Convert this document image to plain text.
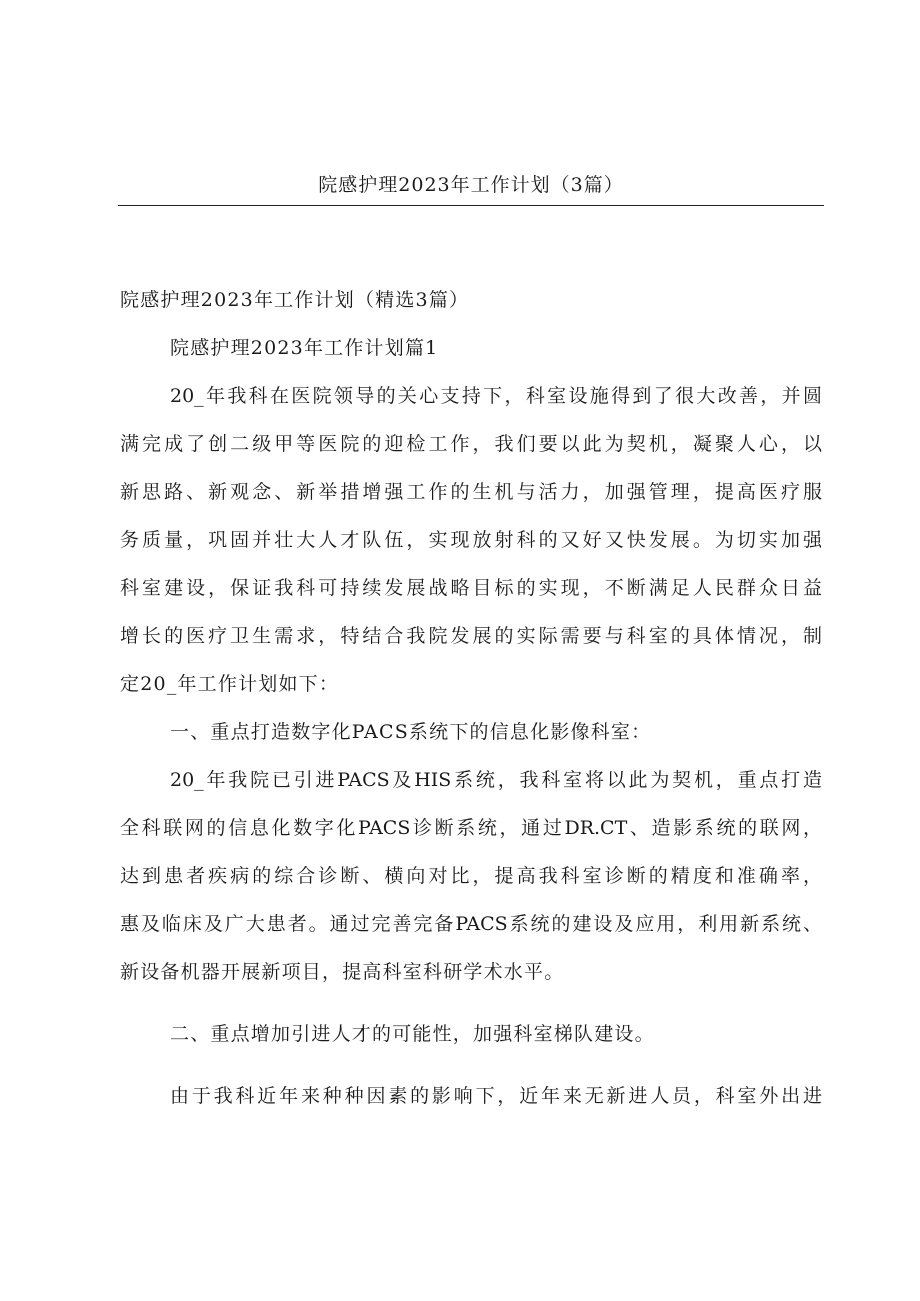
院感护理2023年工作计划（3篇）
院感护理2023年工作计划（精选3篇）
院感护理2023年工作计划篇1
20_年我科在医院领导的关心支持下，科室设施得到了很大改善，并圆
满完成了创二级甲等医院的迎检工作，我们要以此为契机，凝聚人心，以
新思路、新观念、新举措增强工作的生机与活力，加强管理，提高医疗服
务质量，巩固并壮大人才队伍，实现放射科的又好又快发展。为切实加强
科室建设，保证我科可持续发展战略目标的实现，不断满足人民群众日益
增长的医疗卫生需求，特结合我院发展的实际需要与科室的具体情况，制
定20_年工作计划如下：
一、重点打造数字化PACS系统下的信息化影像科室：
20_年我院已引进PACS及HIS系统，我科室将以此为契机，重点打造
全科联网的信息化数字化PACS诊断系统，通过DR.CT、造影系统的联网，
达到患者疾病的综合诊断、横向对比，提高我科室诊断的精度和准确率，
惠及临床及广大患者。通过完善完备PACS系统的建设及应用，利用新系统、
新设备机器开展新项目，提高科室科研学术水平。
二、重点增加引进人才的可能性，加强科室梯队建设。
由于我科近年来种种因素的影响下，近年来无新进人员，科室外出进
